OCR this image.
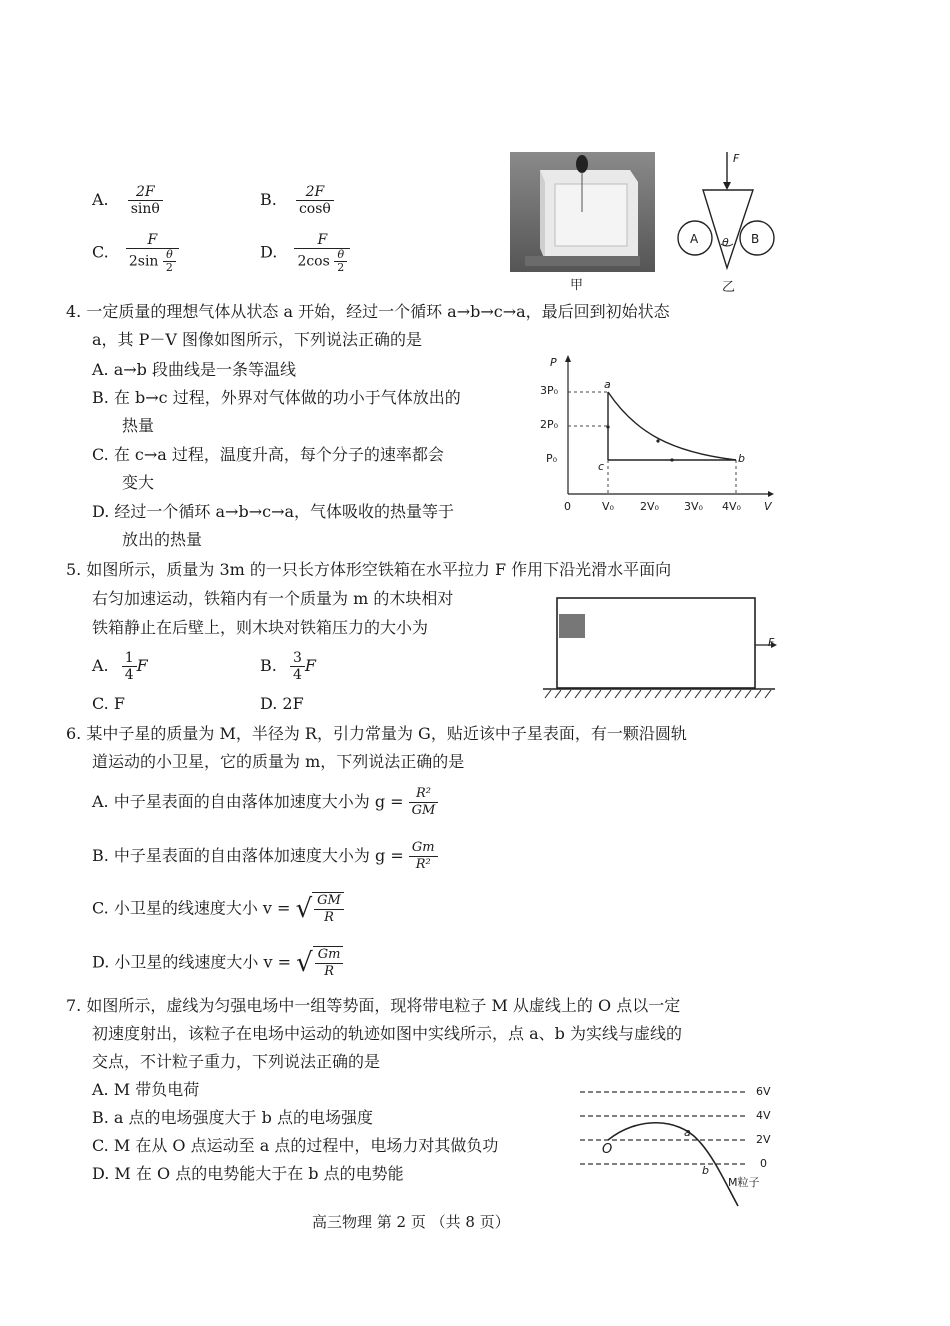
A. $\frac{2F}{\sin\theta}$	B. $\frac{2F}{\cos\theta}$
C. $\frac{F}{2\sin \frac{\theta}{2}}$	D. $\frac{F}{2\cos \frac{\theta}{2}}$
甲
F
A	B
θ
乙
4. 一定质量的理想气体从状态 a 开始，经过一个循环 a→b→c→a，最后回到初始状态
a，其 P－V 图像如图所示，下列说法正确的是
A. a→b 段曲线是一条等温线
B. 在 b→c 过程，外界对气体做的功小于气体放出的
热量
C. 在 c→a 过程，温度升高，每个分子的速率都会
变大
D. 经过一个循环 a→b→c→a，气体吸收的热量等于
放出的热量
P
V
3P₀
2P₀
P₀
0	V₀ 2V₀ 3V₀ 4V₀
a
b
c
5. 如图所示，质量为 3m 的一只长方体形空铁箱在水平拉力 F 作用下沿光滑水平面向
右匀加速运动，铁箱内有一个质量为 m 的木块相对
铁箱静止在后壁上，则木块对铁箱压力的大小为
A. $\frac{1}{4}$ F	B. $\frac{3}{4}$ F
C. F	D. 2F
F
6. 某中子星的质量为 M，半径为 R，引力常量为 G，贴近该中子星表面，有一颗沿圆轨
道运动的小卫星，它的质量为 m，下列说法正确的是
A. 中子星表面的自由落体加速度大小为 $g = \frac{\text{R²}}{GM}$
B. 中子星表面的自由落体加速度大小为 $g = \frac{Gm}{\text{R²}}$
C. 小卫星的线速度大小 v = √ $\frac{GM}{R}$
D. 小卫星的线速度大小 v = √ $\frac{Gm}{R}$
7. 如图所示，虚线为匀强电场中一组等势面，现将带电粒子 M 从虚线上的 O 点以一定
初速度射出，该粒子在电场中运动的轨迹如图中实线所示，点 a、b 为实线与虚线的
交点，不计粒子重力，下列说法正确的是
A. M 带负电荷
B. a 点的电场强度大于 b 点的电场强度
C. M 在从 O 点运动至 a 点的过程中，电场力对其做负功
D. M 在 O 点的电势能大于在 b 点的电势能
6V
4V
2V
0
O
a
b
M粒子
高三物理 第 2 页 （共 8 页）
